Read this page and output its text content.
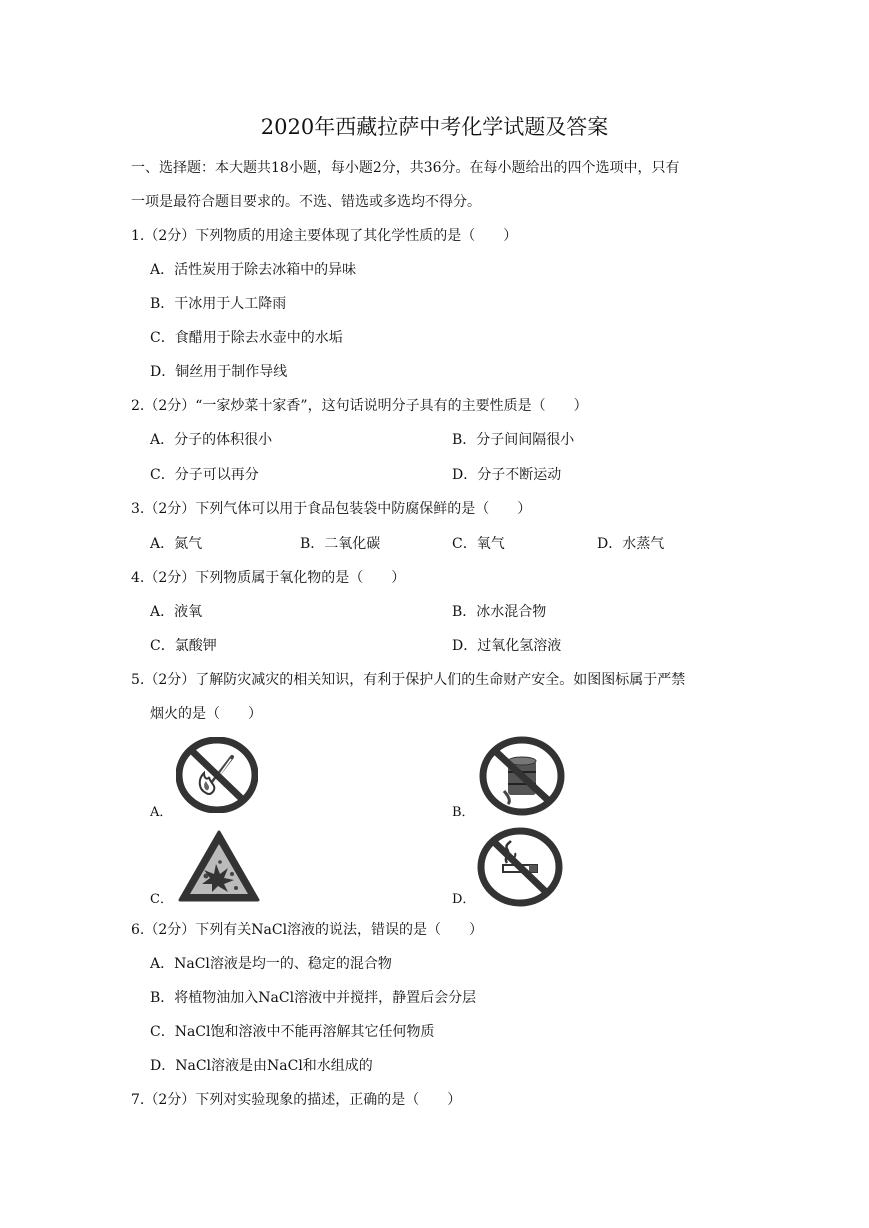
2020年西藏拉萨中考化学试题及答案
一、选择题：本大题共18小题，每小题2分，共36分。在每小题给出的四个选项中，只有
一项是最符合题目要求的。不选、错选或多选均不得分。
1.（2分）下列物质的用途主要体现了其化学性质的是（　　）
A．活性炭用于除去冰箱中的异味
B．干冰用于人工降雨
C．食醋用于除去水壶中的水垢
D．铜丝用于制作导线
2.（2分）“一家炒菜十家香”，这句话说明分子具有的主要性质是（　　）
A．分子的体积很小	B．分子间间隔很小
C．分子可以再分	D．分子不断运动
3.（2分）下列气体可以用于食品包装袋中防腐保鲜的是（　　）
A．氮气	B．二氧化碳	C．氧气	D．水蒸气
4.（2分）下列物质属于氧化物的是（　　）
A．液氧	B．冰水混合物
C．氯酸钾	D．过氧化氢溶液
5.（2分）了解防灾减灾的相关知识，有利于保护人们的生命财产安全。如图图标属于严禁
烟火的是（　　）
A．	B．
C．	D．
6.（2分）下列有关NaCl溶液的说法，错误的是（　　）
A．NaCl溶液是均一的、稳定的混合物
B．将植物油加入NaCl溶液中并搅拌，静置后会分层
C．NaCl饱和溶液中不能再溶解其它任何物质
D．NaCl溶液是由NaCl和水组成的
7.（2分）下列对实验现象的描述，正确的是（　　）
